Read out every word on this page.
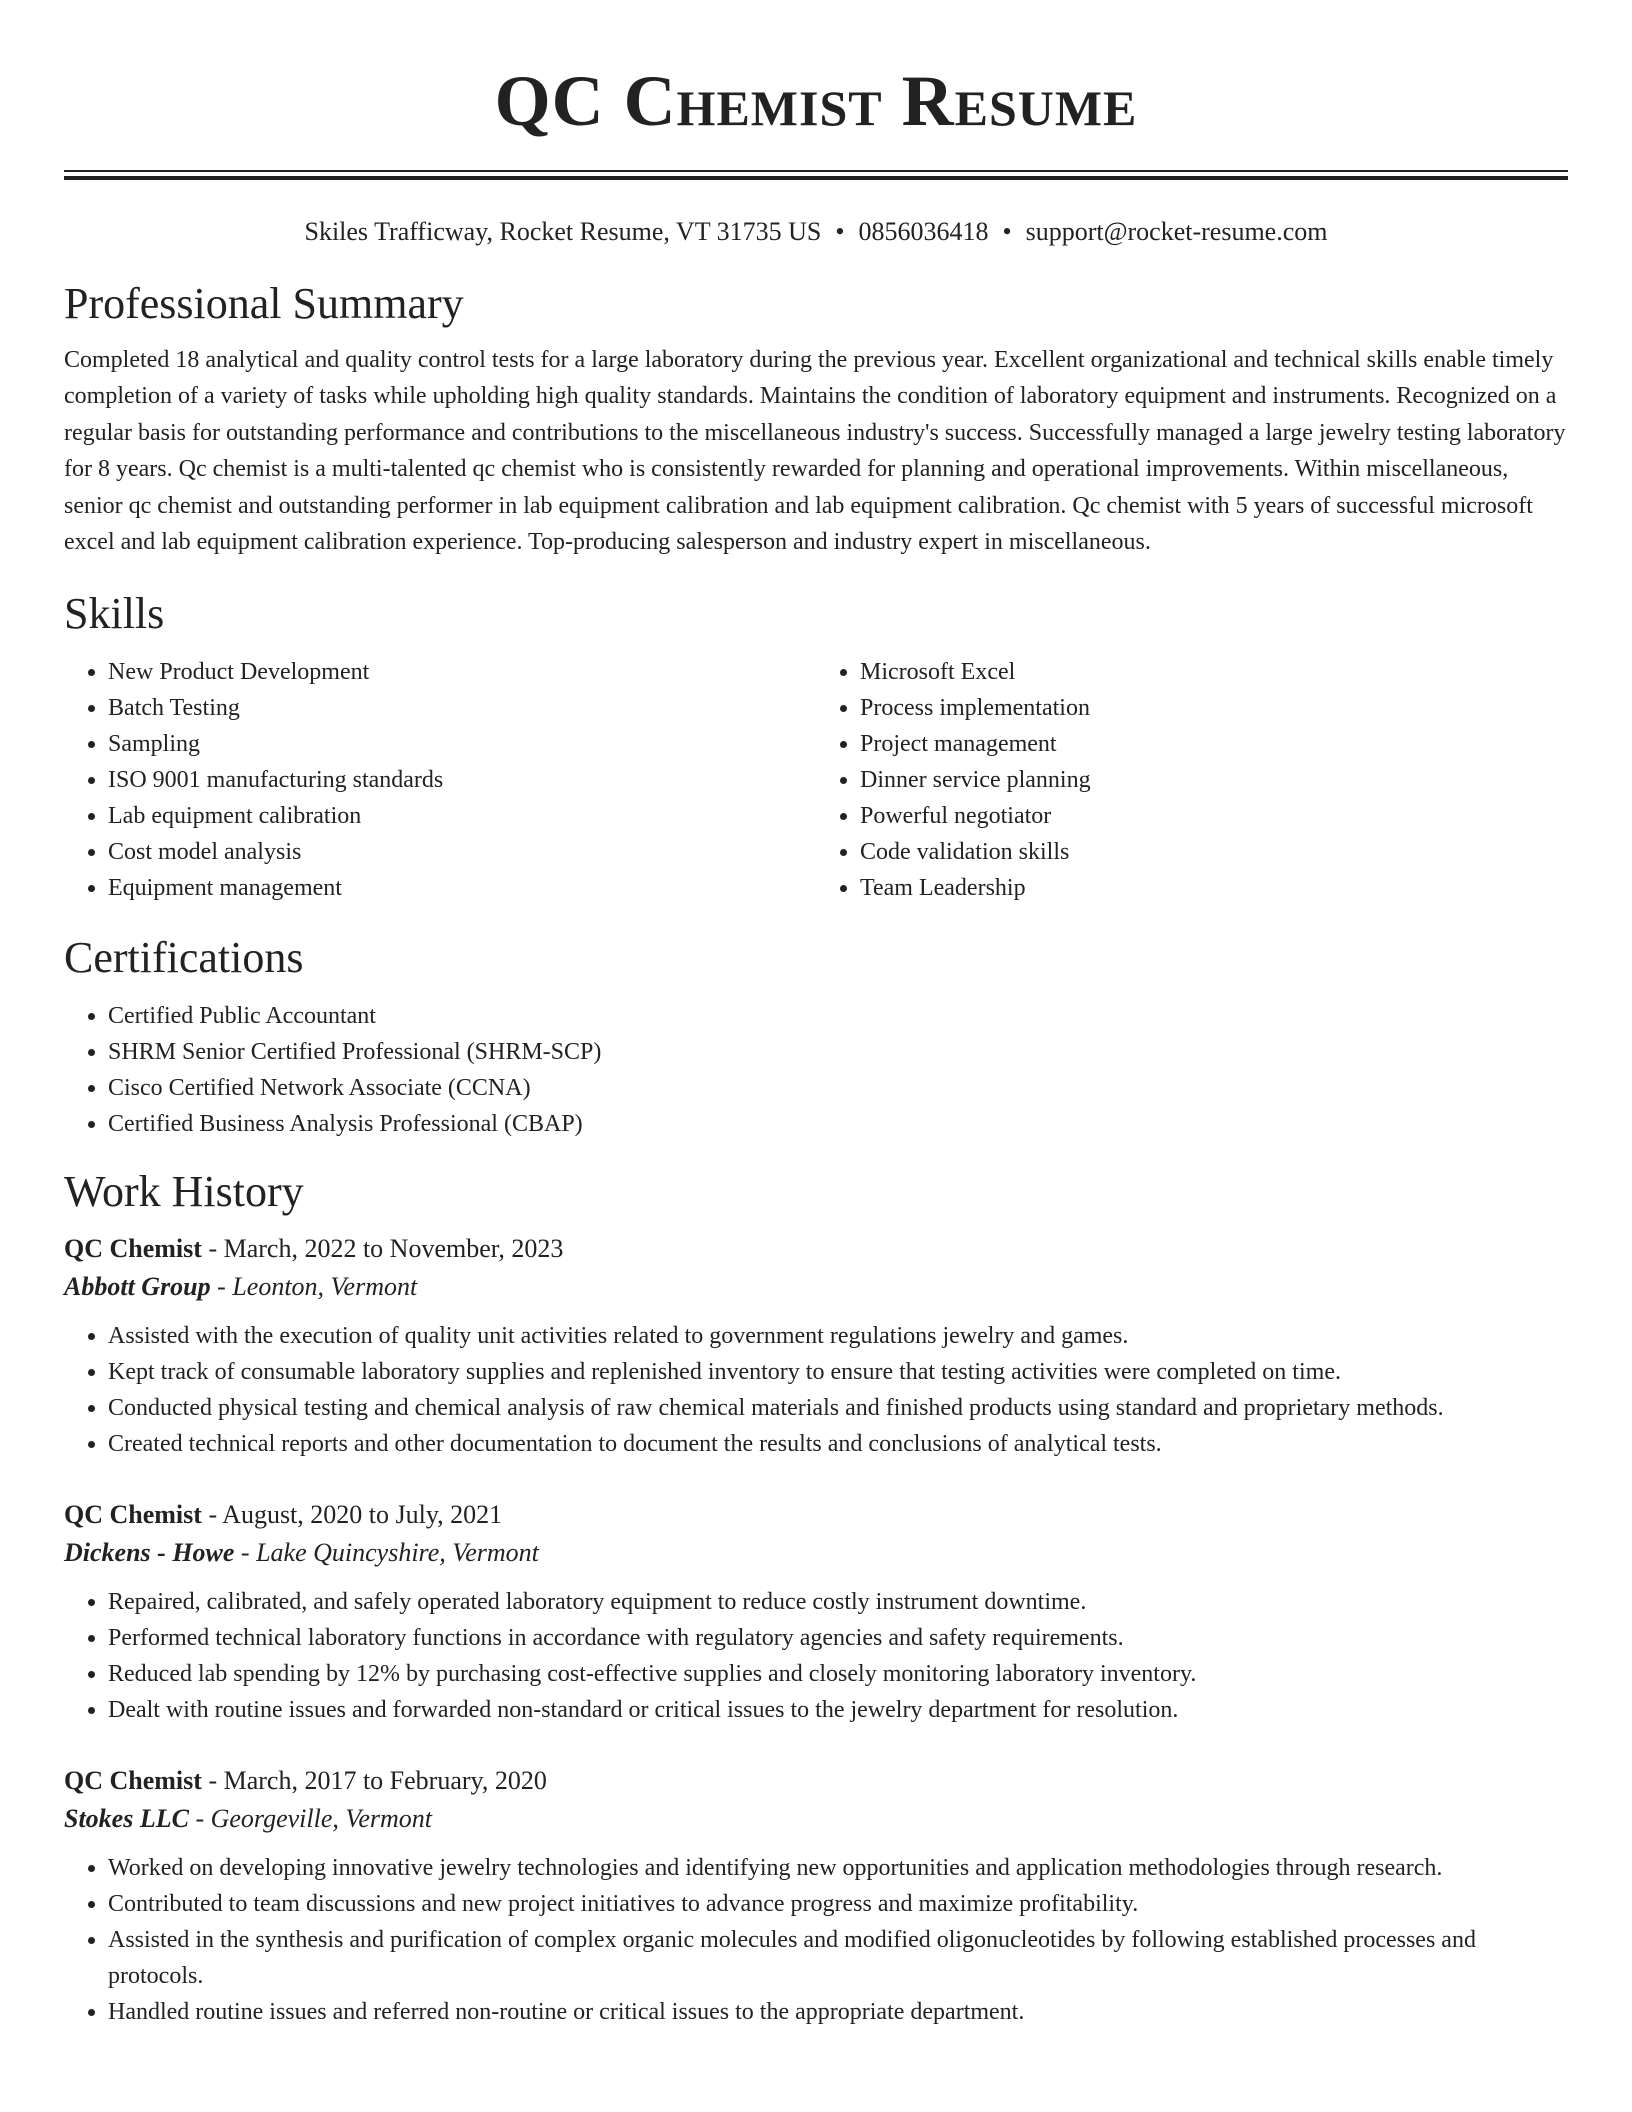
QC Chemist Resume
Skiles Trafficway, Rocket Resume, VT 31735 US • 0856036418 • support@rocket-resume.com
Professional Summary

Completed 18 analytical and quality control tests for a large laboratory during the previous year. Excellent organizational and technical skills enable timely completion of a variety of tasks while upholding high quality standards. Maintains the condition of laboratory equipment and instruments. Recognized on a regular basis for outstanding performance and contributions to the miscellaneous industry's success. Successfully managed a large jewelry testing laboratory for 8 years. Qc chemist is a multi-talented qc chemist who is consistently rewarded for planning and operational improvements. Within miscellaneous, senior qc chemist and outstanding performer in lab equipment calibration and lab equipment calibration. Qc chemist with 5 years of successful microsoft excel and lab equipment calibration experience. Top-producing salesperson and industry expert in miscellaneous.

Skills
• New Product Development
• Batch Testing
• Sampling
• ISO 9001 manufacturing standards
• Lab equipment calibration
• Cost model analysis
• Equipment management
• Microsoft Excel
• Process implementation
• Project management
• Dinner service planning
• Powerful negotiator
• Code validation skills
• Team Leadership
Certifications
• Certified Public Accountant
• SHRM Senior Certified Professional (SHRM-SCP)
• Cisco Certified Network Associate (CCNA)
• Certified Business Analysis Professional (CBAP)
Work History
QC Chemist - March, 2022 to November, 2023
Abbott Group - Leonton, Vermont
• Assisted with the execution of quality unit activities related to government regulations jewelry and games.
• Kept track of consumable laboratory supplies and replenished inventory to ensure that testing activities were completed on time.
• Conducted physical testing and chemical analysis of raw chemical materials and finished products using standard and proprietary methods.
• Created technical reports and other documentation to document the results and conclusions of analytical tests.
QC Chemist - August, 2020 to July, 2021
Dickens - Howe - Lake Quincyshire, Vermont
• Repaired, calibrated, and safely operated laboratory equipment to reduce costly instrument downtime.
• Performed technical laboratory functions in accordance with regulatory agencies and safety requirements.
• Reduced lab spending by 12% by purchasing cost-effective supplies and closely monitoring laboratory inventory.
• Dealt with routine issues and forwarded non-standard or critical issues to the jewelry department for resolution.
QC Chemist - March, 2017 to February, 2020
Stokes LLC - Georgeville, Vermont
• Worked on developing innovative jewelry technologies and identifying new opportunities and application methodologies through research.
• Contributed to team discussions and new project initiatives to advance progress and maximize profitability.
• Assisted in the synthesis and purification of complex organic molecules and modified oligonucleotides by following established processes and protocols.
• Handled routine issues and referred non-routine or critical issues to the appropriate department.
